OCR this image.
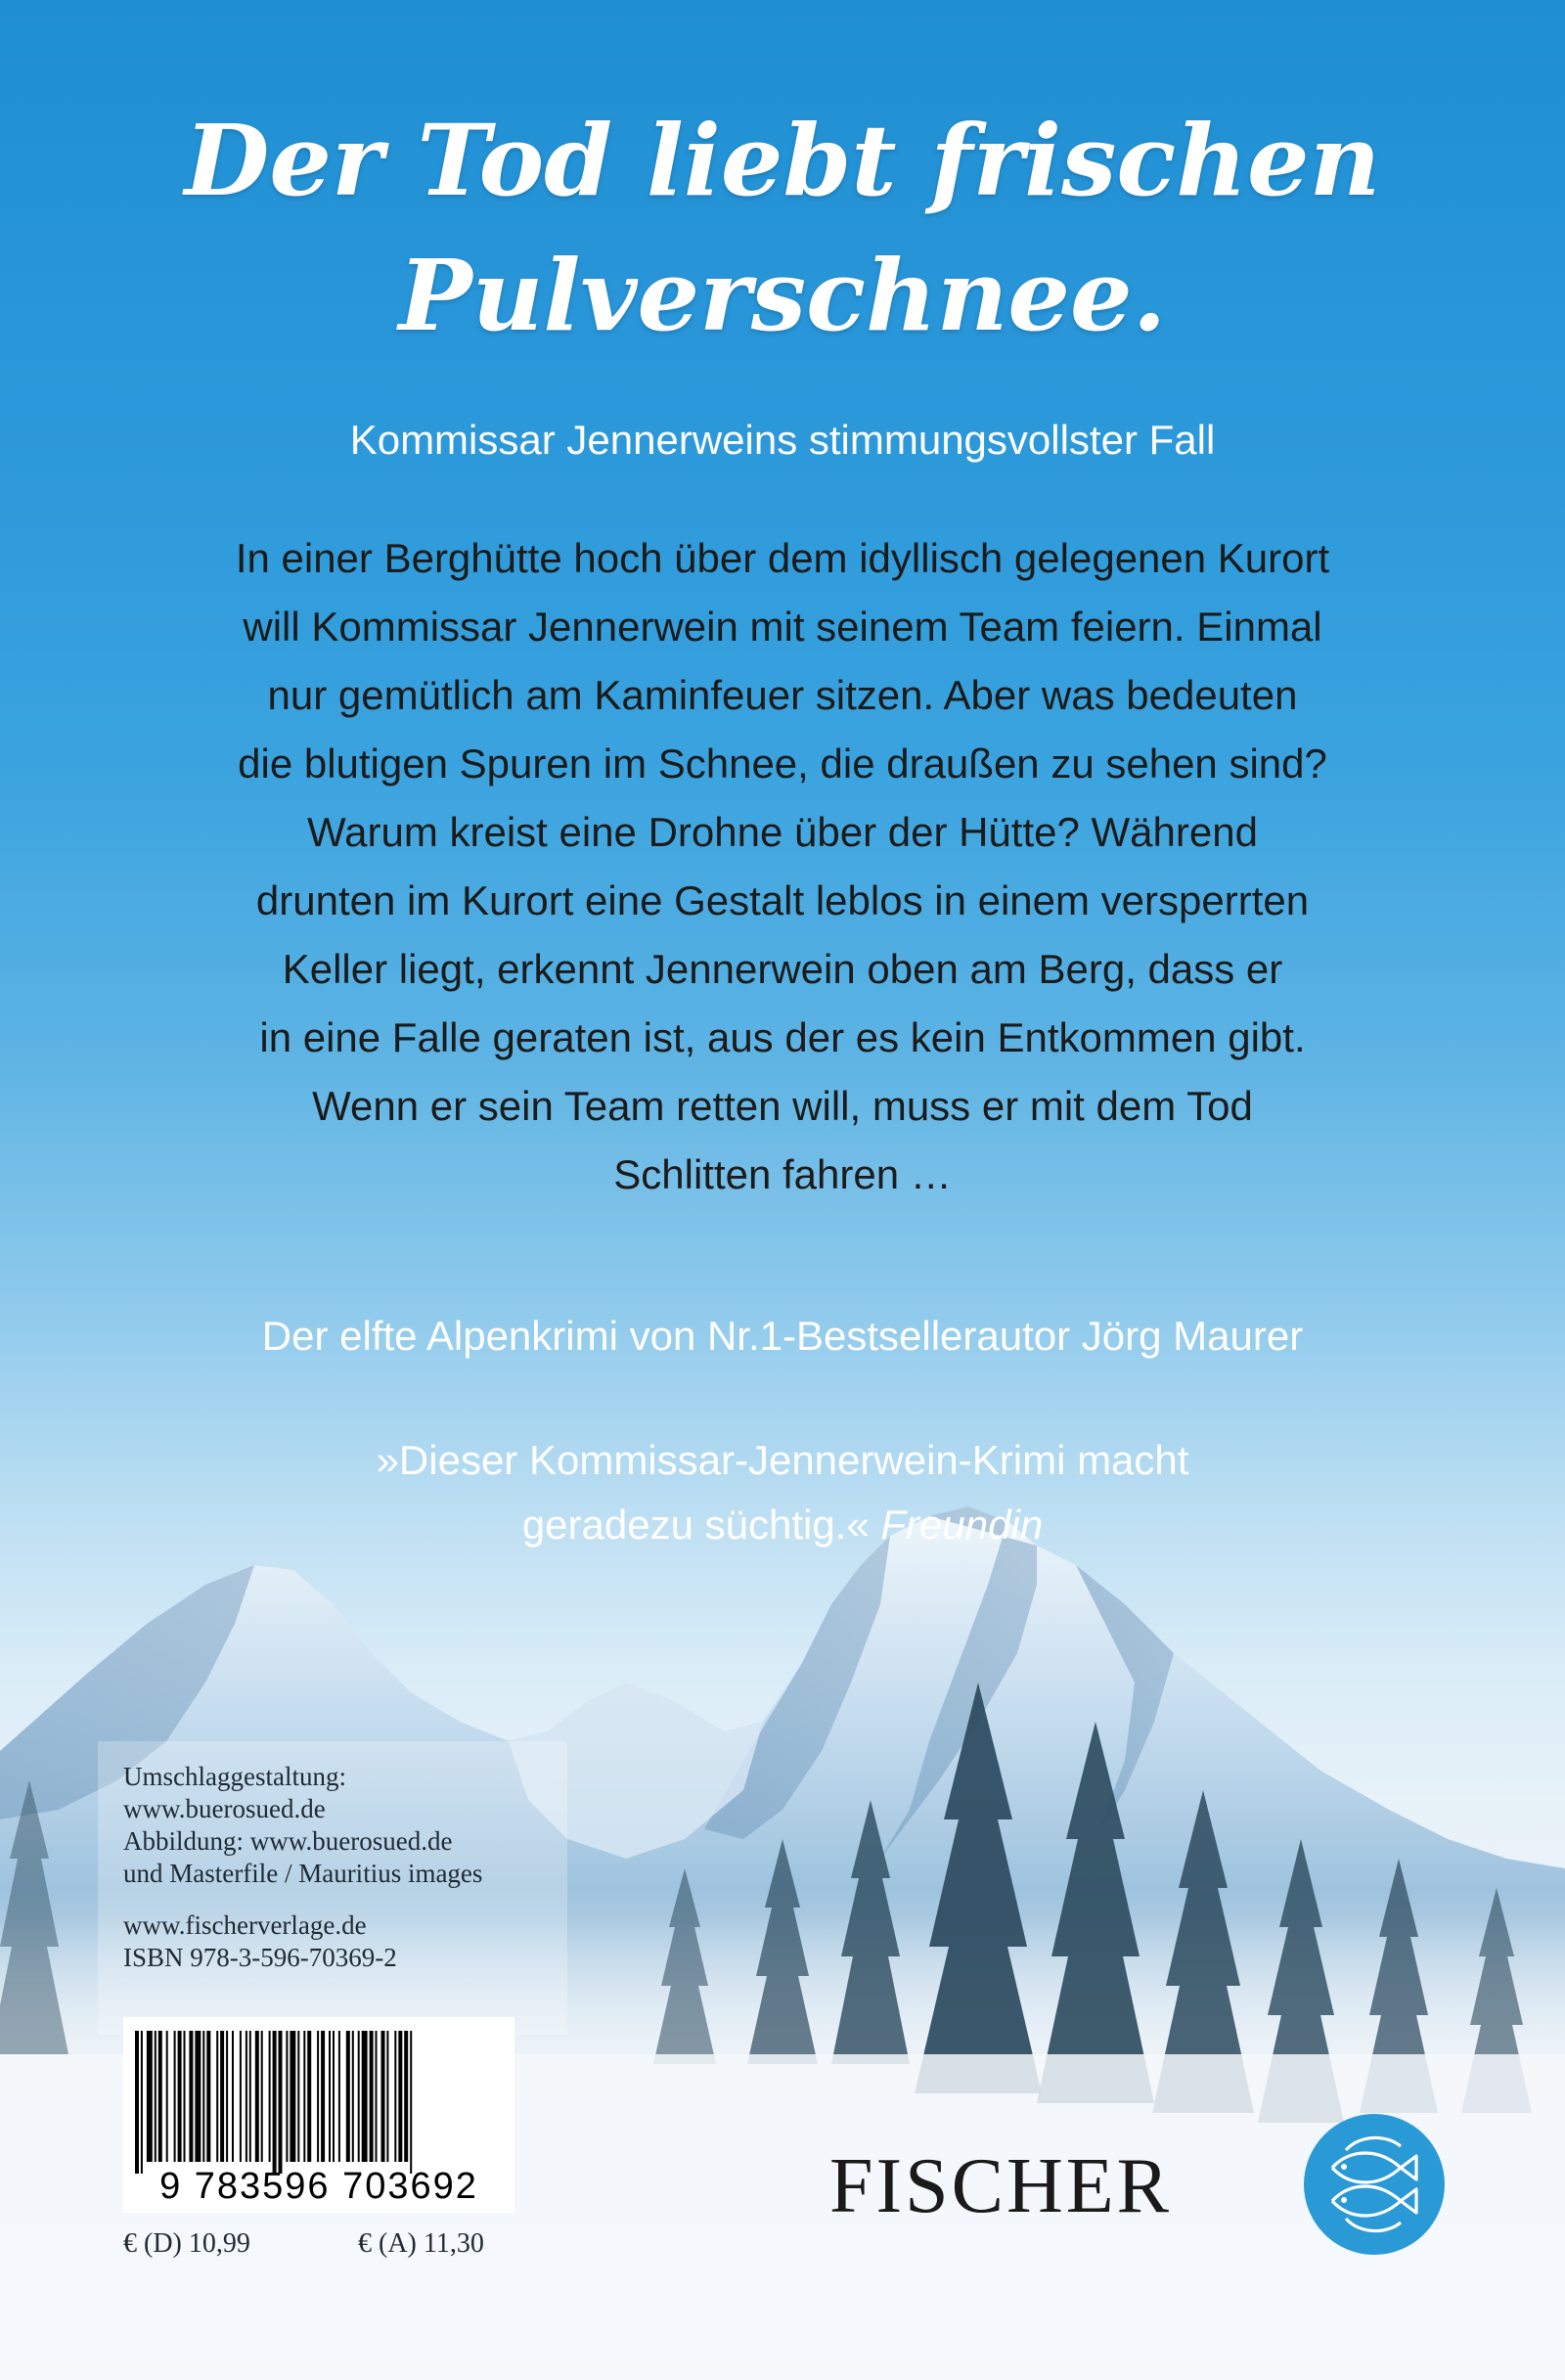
Der Tod liebt frischen
Pulverschnee.
Kommissar Jennerweins stimmungsvollster Fall
In einer Berghütte hoch über dem idyllisch gelegenen Kurort
will Kommissar Jennerwein mit seinem Team feiern. Einmal
nur gemütlich am Kaminfeuer sitzen. Aber was bedeuten
die blutigen Spuren im Schnee, die draußen zu sehen sind?
Warum kreist eine Drohne über der Hütte? Während
drunten im Kurort eine Gestalt leblos in einem versperrten
Keller liegt, erkennt Jennerwein oben am Berg, dass er
in eine Falle geraten ist, aus der es kein Entkommen gibt.
Wenn er sein Team retten will, muss er mit dem Tod
Schlitten fahren …
Der elfte Alpenkrimi von Nr.1-Bestsellerautor Jörg Maurer
»Dieser Kommissar-Jennerwein-Krimi macht
geradezu süchtig.« Freundin
Umschlaggestaltung:
www.buerosued.de
Abbildung: www.buerosued.de
und Masterfile / Mauritius images
www.fischerverlage.de
ISBN 978-3-596-70369-2
9 783596 703692
€ (D) 10,99	€ (A) 11,30
FISCHER
